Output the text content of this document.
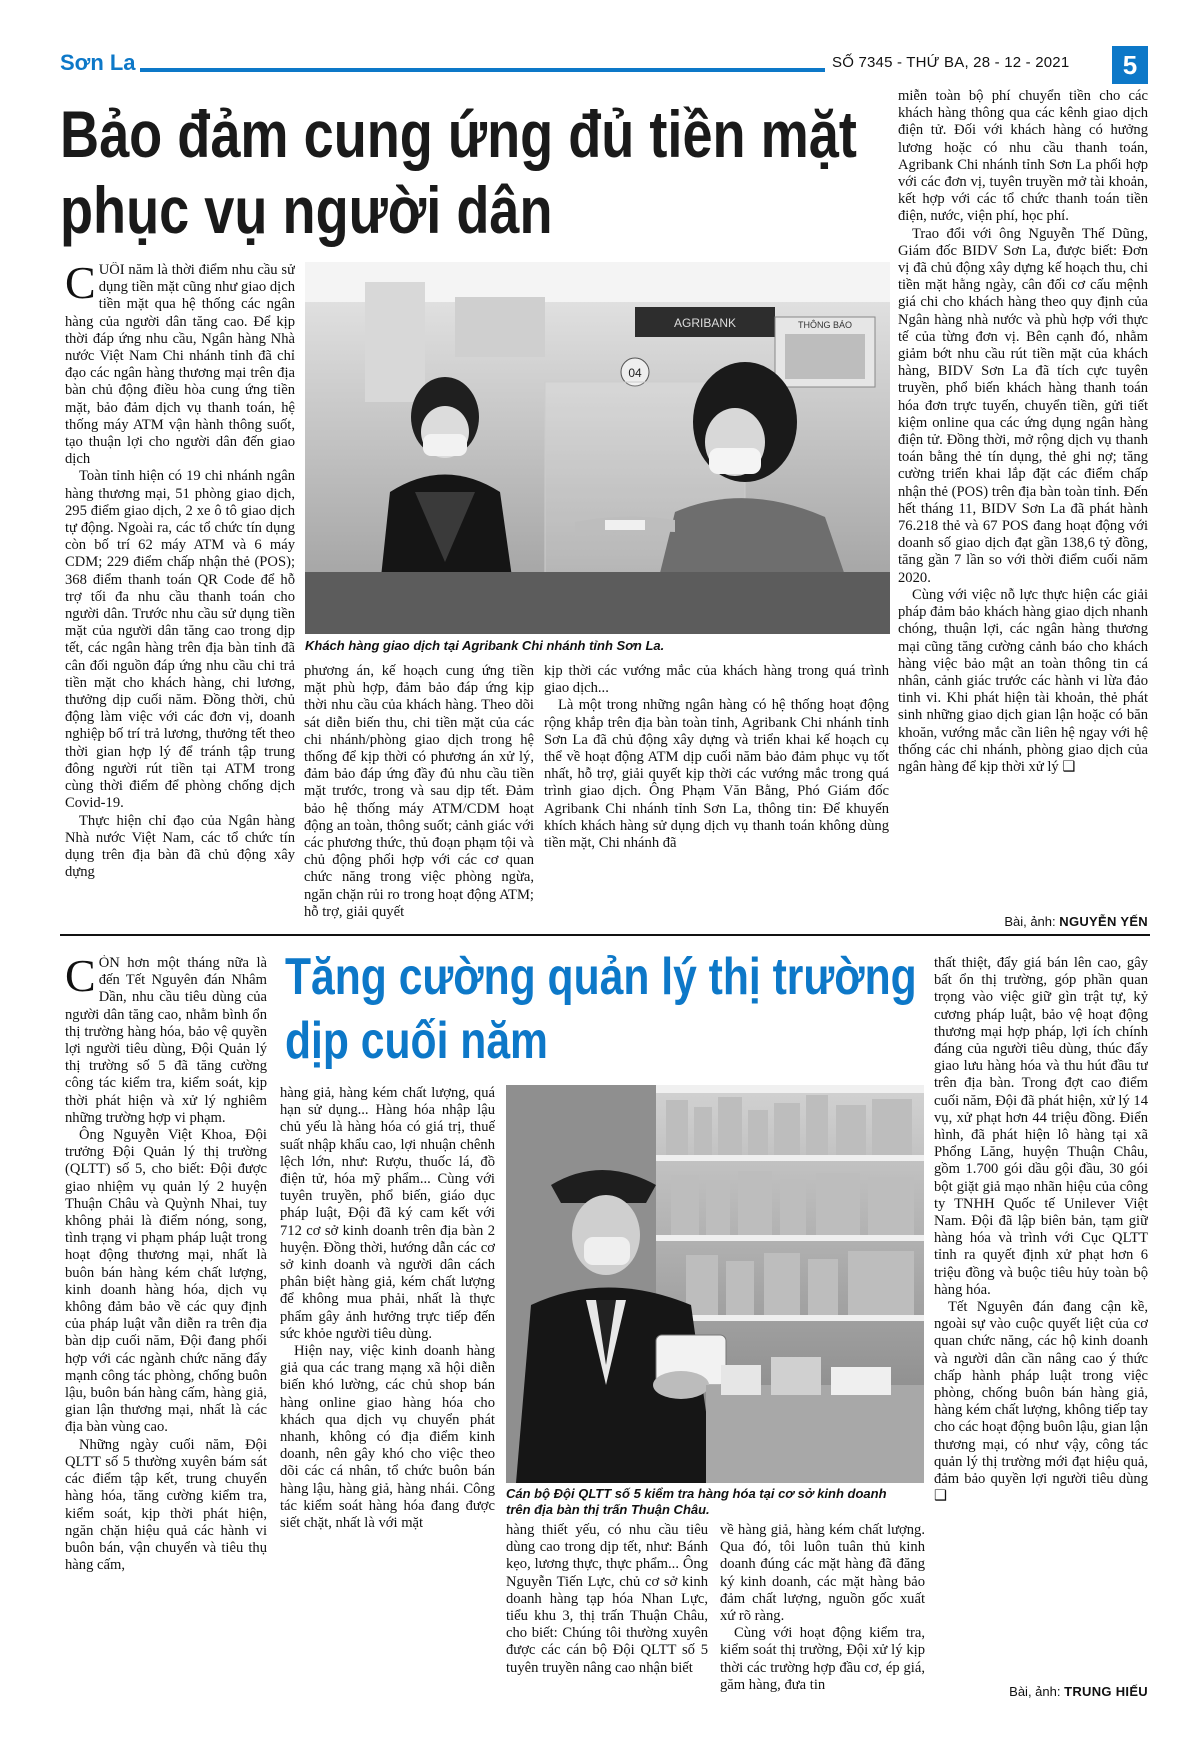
Sơn La	SỐ 7345 - THỨ BA, 28 - 12 - 2021	5
Bảo đảm cung ứng đủ tiền mặt
phục vụ người dân

CUỐI năm là thời điểm nhu cầu sử dụng tiền mặt cũng như giao dịch tiền mặt qua hệ thống các ngân hàng của người dân tăng cao. Để kịp thời đáp ứng nhu cầu, Ngân hàng Nhà nước Việt Nam Chi nhánh tỉnh đã chỉ đạo các ngân hàng thương mại trên địa bàn chủ động điều hòa cung ứng tiền mặt, bảo đảm dịch vụ thanh toán, hệ thống máy ATM vận hành thông suốt, tạo thuận lợi cho người dân đến giao dịch

Toàn tỉnh hiện có 19 chi nhánh ngân hàng thương mại, 51 phòng giao dịch, 295 điểm giao dịch, 2 xe ô tô giao dịch tự động. Ngoài ra, các tổ chức tín dụng còn bố trí 62 máy ATM và 6 máy CDM; 229 điểm chấp nhận thẻ (POS); 368 điểm thanh toán QR Code để hỗ trợ tối đa nhu cầu thanh toán cho người dân. Trước nhu cầu sử dụng tiền mặt của người dân tăng cao trong dịp tết, các ngân hàng trên địa bàn tỉnh đã cân đối nguồn đáp ứng nhu cầu chi trả tiền mặt cho khách hàng, chi lương, thưởng dịp cuối năm. Đồng thời, chủ động làm việc với các đơn vị, doanh nghiệp bố trí trả lương, thưởng tết theo thời gian hợp lý để tránh tập trung đông người rút tiền tại ATM trong cùng thời điểm để phòng chống dịch Covid-19.

Thực hiện chỉ đạo của Ngân hàng Nhà nước Việt Nam, các tổ chức tín dụng trên địa bàn đã chủ động xây dựng

AGRIBANK	THÔNG BÁO
04
Khách hàng giao dịch tại Agribank Chi nhánh tỉnh Sơn La.

phương án, kế hoạch cung ứng tiền mặt phù hợp, đảm bảo đáp ứng kịp thời nhu cầu của khách hàng. Theo dõi sát diễn biến thu, chi tiền mặt của các chi nhánh/phòng giao dịch trong hệ thống để kịp thời có phương án xử lý, đảm bảo đáp ứng đầy đủ nhu cầu tiền mặt trước, trong và sau dịp tết. Đảm bảo hệ thống máy ATM/CDM hoạt động an toàn, thông suốt; cảnh giác với các phương thức, thủ đoạn phạm tội và chủ động phối hợp với các cơ quan chức năng trong việc phòng ngừa, ngăn chặn rủi ro trong hoạt động ATM; hỗ trợ, giải quyết

kịp thời các vướng mắc của khách hàng trong quá trình giao dịch...

Là một trong những ngân hàng có hệ thống hoạt động rộng khắp trên địa bàn toàn tỉnh, Agribank Chi nhánh tỉnh Sơn La đã chủ động xây dựng và triển khai kế hoạch cụ thể về hoạt động ATM dịp cuối năm bảo đảm phục vụ tốt nhất, hỗ trợ, giải quyết kịp thời các vướng mắc trong quá trình giao dịch. Ông Phạm Văn Bằng, Phó Giám đốc Agribank Chi nhánh tỉnh Sơn La, thông tin: Để khuyến khích khách hàng sử dụng dịch vụ thanh toán không dùng tiền mặt, Chi nhánh đã

miễn toàn bộ phí chuyển tiền cho các khách hàng thông qua các kênh giao dịch điện tử. Đối với khách hàng có hưởng lương hoặc có nhu cầu thanh toán, Agribank Chi nhánh tỉnh Sơn La phối hợp với các đơn vị, tuyên truyền mở tài khoản, kết hợp với các tổ chức thanh toán tiền điện, nước, viện phí, học phí.

Trao đổi với ông Nguyễn Thế Dũng, Giám đốc BIDV Sơn La, được biết: Đơn vị đã chủ động xây dựng kế hoạch thu, chi tiền mặt hằng ngày, cân đối cơ cấu mệnh giá chi cho khách hàng theo quy định của Ngân hàng nhà nước và phù hợp với thực tế của từng đơn vị. Bên cạnh đó, nhằm giảm bớt nhu cầu rút tiền mặt của khách hàng, BIDV Sơn La đã tích cực tuyên truyền, phổ biến khách hàng thanh toán hóa đơn trực tuyến, chuyển tiền, gửi tiết kiệm online qua các ứng dụng ngân hàng điện tử. Đồng thời, mở rộng dịch vụ thanh toán bằng thẻ tín dụng, thẻ ghi nợ; tăng cường triển khai lắp đặt các điểm chấp nhận thẻ (POS) trên địa bàn toàn tỉnh. Đến hết tháng 11, BIDV Sơn La đã phát hành 76.218 thẻ và 67 POS đang hoạt động với doanh số giao dịch đạt gần 138,6 tỷ đồng, tăng gần 7 lần so với thời điểm cuối năm 2020.

Cùng với việc nỗ lực thực hiện các giải pháp đảm bảo khách hàng giao dịch nhanh chóng, thuận lợi, các ngân hàng thương mại cũng tăng cường cảnh báo cho khách hàng việc bảo mật an toàn thông tin cá nhân, cảnh giác trước các hành vi lừa đảo tinh vi. Khi phát hiện tài khoản, thẻ phát sinh những giao dịch gian lận hoặc có băn khoăn, vướng mắc cần liên hệ ngay với hệ thống các chi nhánh, phòng giao dịch của ngân hàng để kịp thời xử lý ❑

Bài, ảnh: NGUYỄN YẾN
Tăng cường quản lý thị trường
dịp cuối năm

CÒN hơn một tháng nữa là đến Tết Nguyên đán Nhâm Dần, nhu cầu tiêu dùng của người dân tăng cao, nhằm bình ổn thị trường hàng hóa, bảo vệ quyền lợi người tiêu dùng, Đội Quản lý thị trường số 5 đã tăng cường công tác kiểm tra, kiểm soát, kịp thời phát hiện và xử lý nghiêm những trường hợp vi phạm.

Ông Nguyễn Việt Khoa, Đội trưởng Đội Quản lý thị trường (QLTT) số 5, cho biết: Đội được giao nhiệm vụ quản lý 2 huyện Thuận Châu và Quỳnh Nhai, tuy không phải là điểm nóng, song, tình trạng vi phạm pháp luật trong hoạt động thương mại, nhất là buôn bán hàng kém chất lượng, kinh doanh hàng hóa, dịch vụ không đảm bảo về các quy định của pháp luật vẫn diễn ra trên địa bàn dịp cuối năm, Đội đang phối hợp với các ngành chức năng đẩy mạnh công tác phòng, chống buôn lậu, buôn bán hàng cấm, hàng giả, gian lận thương mại, nhất là các địa bàn vùng cao.

Những ngày cuối năm, Đội QLTT số 5 thường xuyên bám sát các điểm tập kết, trung chuyển hàng hóa, tăng cường kiểm tra, kiểm soát, kịp thời phát hiện, ngăn chặn hiệu quả các hành vi buôn bán, vận chuyển và tiêu thụ hàng cấm,

hàng giả, hàng kém chất lượng, quá hạn sử dụng... Hàng hóa nhập lậu chủ yếu là hàng hóa có giá trị, thuế suất nhập khẩu cao, lợi nhuận chênh lệch lớn, như: Rượu, thuốc lá, đồ điện tử, hóa mỹ phẩm... Cùng với tuyên truyền, phổ biến, giáo dục pháp luật, Đội đã ký cam kết với 712 cơ sở kinh doanh trên địa bàn 2 huyện. Đồng thời, hướng dẫn các cơ sở kinh doanh và người dân cách phân biệt hàng giả, kém chất lượng để không mua phải, nhất là thực phẩm gây ảnh hưởng trực tiếp đến sức khỏe người tiêu dùng.

Hiện nay, việc kinh doanh hàng giả qua các trang mạng xã hội diễn biến khó lường, các chủ shop bán hàng online giao hàng hóa cho khách qua dịch vụ chuyển phát nhanh, không có địa điểm kinh doanh, nên gây khó cho việc theo dõi các cá nhân, tổ chức buôn bán hàng lậu, hàng giả, hàng nhái. Công tác kiểm soát hàng hóa đang được siết chặt, nhất là với mặt

Cán bộ Đội QLTT số 5 kiểm tra hàng hóa tại cơ sở kinh doanh
trên địa bàn thị trấn Thuận Châu.

hàng thiết yếu, có nhu cầu tiêu dùng cao trong dịp tết, như: Bánh kẹo, lương thực, thực phẩm... Ông Nguyễn Tiến Lực, chủ cơ sở kinh doanh hàng tạp hóa Nhan Lực, tiểu khu 3, thị trấn Thuận Châu, cho biết: Chúng tôi thường xuyên được các cán bộ Đội QLTT số 5 tuyên truyền nâng cao nhận biết

về hàng giả, hàng kém chất lượng. Qua đó, tôi luôn tuân thủ kinh doanh đúng các mặt hàng đã đăng ký kinh doanh, các mặt hàng bảo đảm chất lượng, nguồn gốc xuất xứ rõ ràng.

Cùng với hoạt động kiểm tra, kiểm soát thị trường, Đội xử lý kịp thời các trường hợp đầu cơ, ép giá, găm hàng, đưa tin

thất thiệt, đẩy giá bán lên cao, gây bất ổn thị trường, góp phần quan trọng vào việc giữ gìn trật tự, kỷ cương pháp luật, bảo vệ hoạt động thương mại hợp pháp, lợi ích chính đáng của người tiêu dùng, thúc đẩy giao lưu hàng hóa và thu hút đầu tư trên địa bàn. Trong đợt cao điểm cuối năm, Đội đã phát hiện, xử lý 14 vụ, xử phạt hơn 44 triệu đồng. Điển hình, đã phát hiện lô hàng tại xã Phổng Lăng, huyện Thuận Châu, gồm 1.700 gói dầu gội đầu, 30 gói bột giặt giả mạo nhãn hiệu của công ty TNHH Quốc tế Unilever Việt Nam. Đội đã lập biên bản, tạm giữ hàng hóa và trình với Cục QLTT tỉnh ra quyết định xử phạt hơn 6 triệu đồng và buộc tiêu hủy toàn bộ hàng hóa.

Tết Nguyên đán đang cận kề, ngoài sự vào cuộc quyết liệt của cơ quan chức năng, các hộ kinh doanh và người dân cần nâng cao ý thức chấp hành pháp luật trong việc phòng, chống buôn bán hàng giả, hàng kém chất lượng, không tiếp tay cho các hoạt động buôn lậu, gian lận thương mại, có như vậy, công tác quản lý thị trường mới đạt hiệu quả, đảm bảo quyền lợi người tiêu dùng ❑

Bài, ảnh: TRUNG HIẾU
